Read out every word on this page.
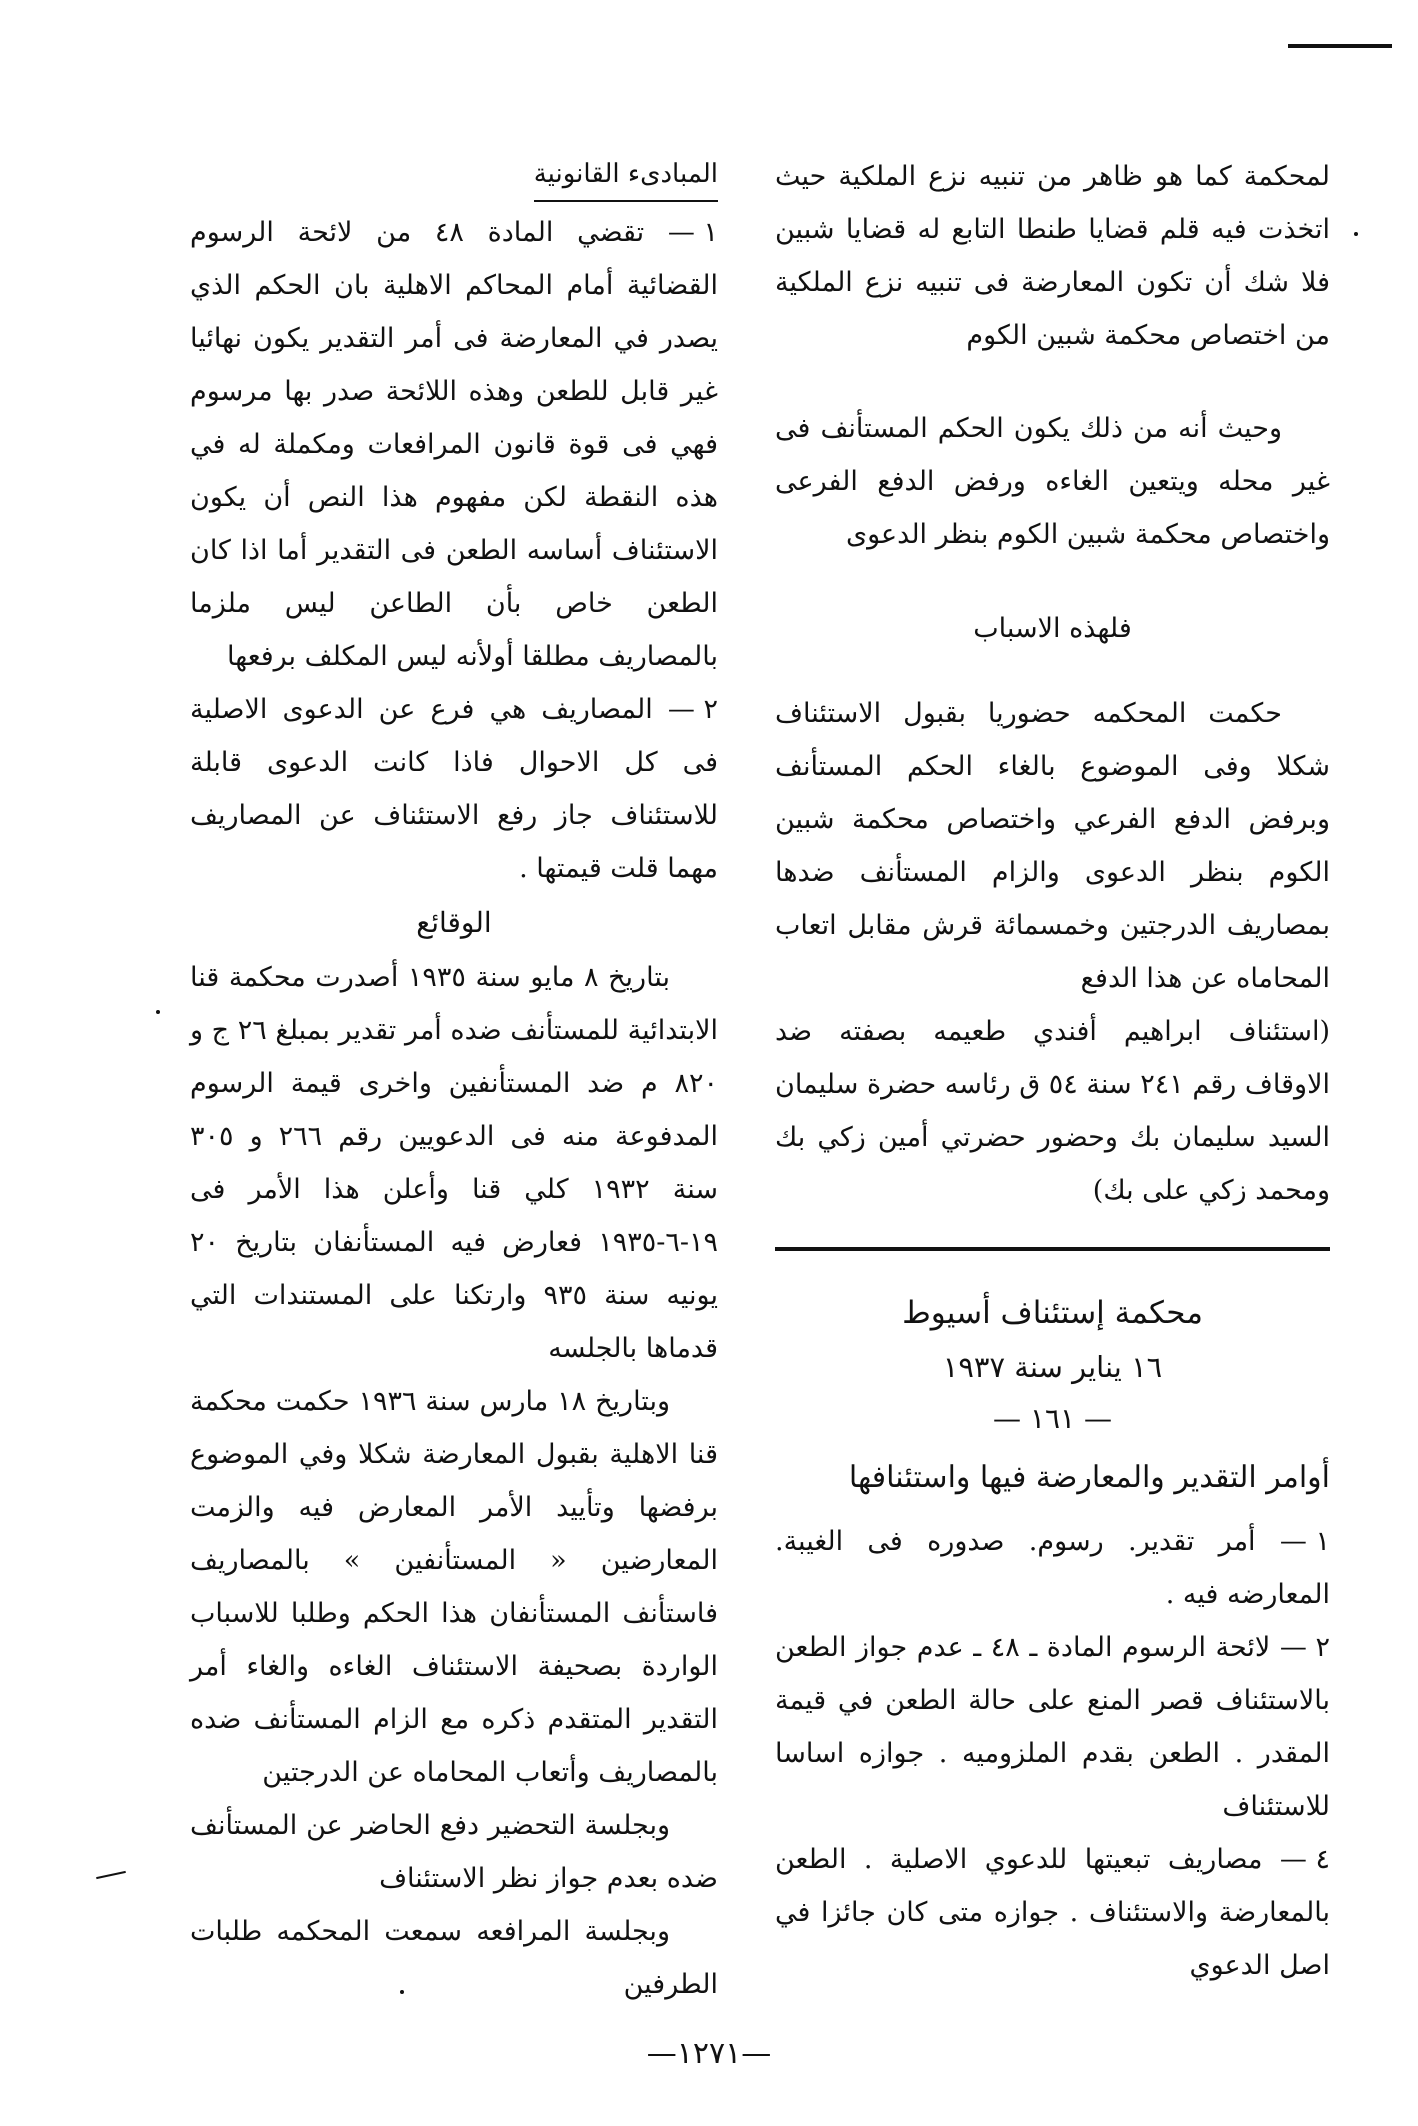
لمحكمة كما هو ظاهر من تنبيه نزع الملكية حيث اتخذت فيه قلم قضايا طنطا التابع له قضايا شبين فلا شك أن تكون المعارضة فى تنبيه نزع الملكية من اختصاص محكمة شبين الكوم

وحيث أنه من ذلك يكون الحكم المستأنف فى غير محله ويتعين الغاءه ورفض الدفع الفرعى واختصاص محكمة شبين الكوم بنظر الدعوى

فلهذه الاسباب

حكمت المحكمه حضوريا بقبول الاستئناف شكلا وفى الموضوع بالغاء الحكم المستأنف وبرفض الدفع الفرعي واختصاص محكمة شبين الكوم بنظر الدعوى والزام المستأنف ضدها بمصاريف الدرجتين وخمسمائة قرش مقابل اتعاب المحاماه عن هذا الدفع

(استئناف ابراهيم أفندي طعيمه بصفته ضد الاوقاف رقم ٢٤١ سنة ٥٤ ق رئاسه حضرة سليمان السيد سليمان بك وحضور حضرتي أمين زكي بك ومحمد زكي على بك)

محكمة إستئناف أسيوط
١٦ يناير سنة ١٩٣٧
— ١٦١ —
أوامر التقدير والمعارضة فيها واستئنافها
١ — أمر تقدير. رسوم. صدوره فى الغيبة. المعارضه فيه .
٢ — لائحة الرسوم المادة ـ ٤٨ ـ عدم جواز الطعن بالاستئناف قصر المنع على حالة الطعن في قيمة المقدر . الطعن بقدم الملزوميه . جوازه اساسا للاستئناف
٤ — مصاريف تبعيتها للدعوي الاصلية . الطعن بالمعارضة والاستئناف . جوازه متى كان جائزا في اصل الدعوي
المبادىء القانونية
١ — تقضي المادة ٤٨ من لائحة الرسوم القضائية أمام المحاكم الاهلية بان الحكم الذي يصدر في المعارضة فى أمر التقدير يكون نهائيا غير قابل للطعن وهذه اللائحة صدر بها مرسوم فهي فى قوة قانون المرافعات ومكملة له في هذه النقطة لكن مفهوم هذا النص أن يكون الاستئناف أساسه الطعن فى التقدير أما اذا كان الطعن خاص بأن الطاعن ليس ملزما بالمصاريف مطلقا أولأنه ليس المكلف برفعها
٢ — المصاريف هي فرع عن الدعوى الاصلية فى كل الاحوال فاذا كانت الدعوى قابلة للاستئناف جاز رفع الاستئناف عن المصاريف مهما قلت قيمتها .
الوقائع

بتاريخ ٨ مايو سنة ١٩٣٥ أصدرت محكمة قنا الابتدائية للمستأنف ضده أمر تقدير بمبلغ ٢٦ ج و ٨٢٠ م ضد المستأنفين واخرى قيمة الرسوم المدفوعة منه فى الدعويين رقم ٢٦٦ و ٣٠٥ سنة ١٩٣٢ كلي قنا وأعلن هذا الأمر فى ١٩-٦-١٩٣٥ فعارض فيه المستأنفان بتاريخ ٢٠ يونيه سنة ٩٣٥ وارتكنا على المستندات التي قدماها بالجلسه

وبتاريخ ١٨ مارس سنة ١٩٣٦ حكمت محكمة قنا الاهلية بقبول المعارضة شكلا وفي الموضوع برفضها وتأييد الأمر المعارض فيه والزمت المعارضين « المستأنفين » بالمصاريف فاستأنف المستأنفان هذا الحكم وطلبا للاسباب الواردة بصحيفة الاستئناف الغاءه والغاء أمر التقدير المتقدم ذكره مع الزام المستأنف ضده بالمصاريف وأتعاب المحاماه عن الدرجتين

وبجلسة التحضير دفع الحاضر عن المستأنف ضده بعدم جواز نظر الاستئناف

وبجلسة المرافعه سمعت المحكمه طلبات الطرفين

—١٢٧١—
